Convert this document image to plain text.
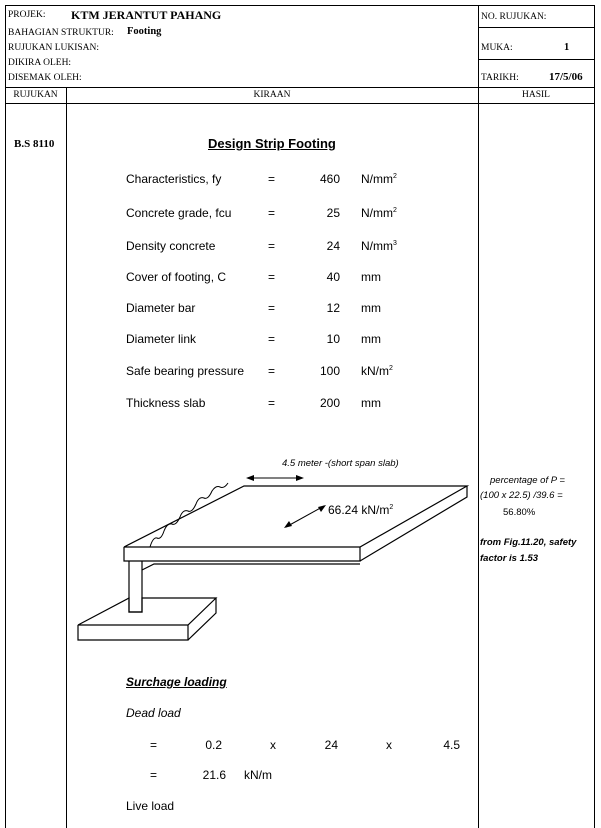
PROJEK: KTM JERANTUT PAHANG
BAHAGIAN STRUKTUR: Footing
RUJUKAN LUKISAN:
DIKIRA OLEH:
DISEMAK OLEH:
NO. RUJUKAN:
MUKA:	1
TARIKH:	17/5/06
RUJUKAN	KIRAAN	HASIL
B.S 8110	Design Strip Footing
Characteristics, fy	=	460 $N/mm^2$
Concrete grade, fcu	=	25 $N/mm^2$
Density concrete	=	24 $N/mm^3$
Cover of footing, C	=	40 mm
Diameter bar	=	12 mm
Diameter link	=	10 mm
Safe bearing pressure =	100 $kN/m^2$
Thickness slab	=	200 mm
4.5 meter -(short span slab)
66.24 $kN/m^2$
percentage of P =
(100 x 22.5) /39.6 =
56.80%
from Fig.11.20, safety
factor is 1.53
Surchage loading
Dead load
=	0.2	x	24	x	4.5
=	21.6 kN/m
Live load
